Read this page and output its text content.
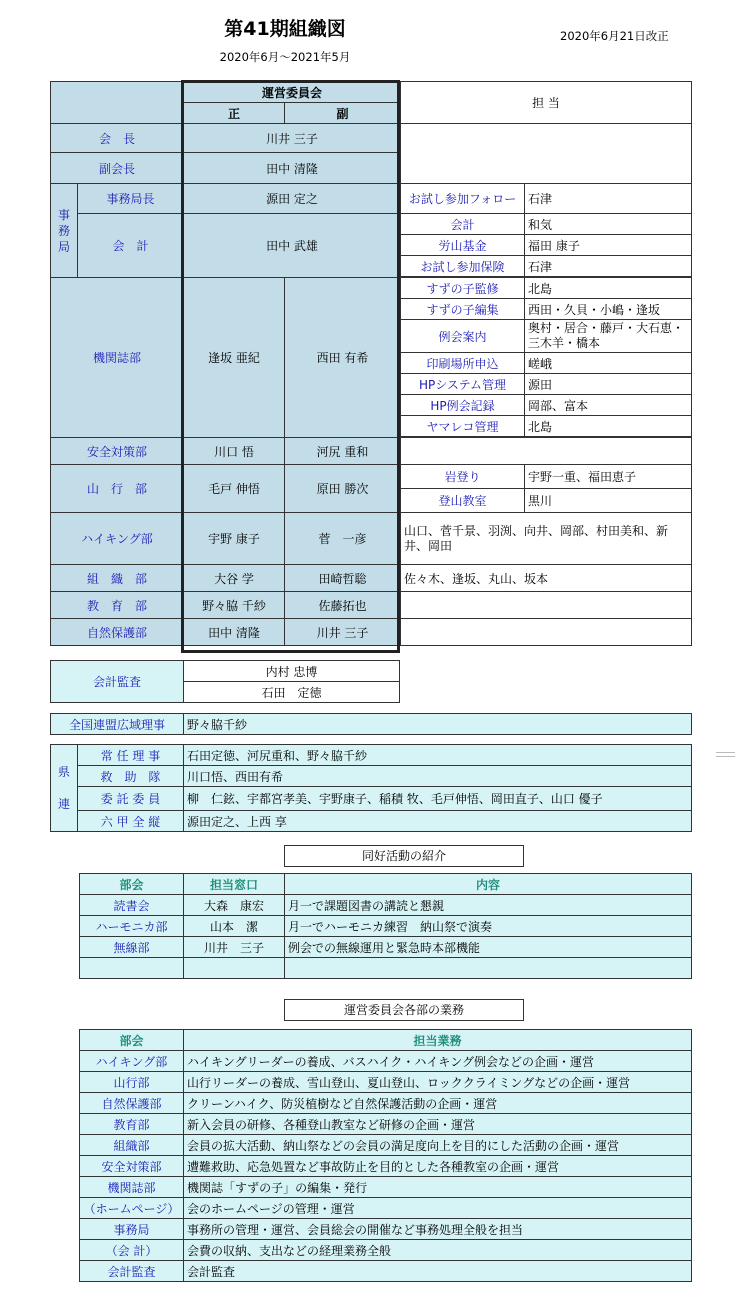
第41期組織図	2020年6月21日改正
2020年6月～2021年5月
		運営委員会		担 当	
		正	副		
会　長		川井 三子			
副会長		田中 清隆			
事務局	事務局長	源田 定之		お試し参加フォロー	石津
	会　計	田中 武雄		会計	和気
				労山基金	福田 康子
				お試し参加保険	石津

機関誌部		逢坂 亜紀	西田 有希	すずの子監修	北島
				すずの子編集	西田・久貝・小嶋・逢坂
				例会案内	奥村・居合・藤戸・大石恵・三木羊・橋本
				印刷場所申込	嵯峨
				HPシステム管理	源田
				HP例会記録	岡部、富本
				ヤマレコ管理	北島

安全対策部		川口 悟	河尻 重和		
山　行　部		毛戸 伸悟	原田 勝次	岩登り	宇野一重、福田恵子
				登山教室	黒川
ハイキング部		宇野 康子	菅　一彦	山口、菅千景、羽渕、向井、岡部、村田美和、新井、岡田	
組　織　部		大谷 学	田崎哲聡	佐々木、逢坂、丸山、坂本	
教　育　部		野々脇 千紗	佐藤拓也		
自然保護部		田中 清隆	川井 三子		
会計監査	内村 忠博
石田　定徳
全国連盟広域理事	野々脇千紗
県

連	常 任 理 事	石田定徳、河尻重和、野々脇千紗
	救　助　隊	川口悟、西田有希
	委 託 委 員	柳　仁鉉、宇都宮孝美、宇野康子、稲積 牧、毛戸伸悟、岡田直子、山口 優子
	六 甲 全 縦	源田定之、上西 享
同好活動の紹介
部会	担当窓口	内容
読書会	大森　康宏	月一で課題図書の講読と懇親
ハーモニカ部	山本　潔	月一でハーモニカ練習　納山祭で演奏
無線部	川井　三子	例会での無線運用と緊急時本部機能

運営委員会各部の業務
部会	担当業務
ハイキング部	ハイキングリーダーの養成、バスハイク・ハイキング例会などの企画・運営
山行部	山行リーダーの養成、雪山登山、夏山登山、ロッククライミングなどの企画・運営
自然保護部	クリーンハイク、防災植樹など自然保護活動の企画・運営
教育部	新入会員の研修、各種登山教室など研修の企画・運営
組織部	会員の拡大活動、納山祭などの会員の満足度向上を目的にした活動の企画・運営
安全対策部	遭難救助、応急処置など事故防止を目的とした各種教室の企画・運営
機関誌部	機関誌「すずの子」の編集・発行
（ホームページ）	会のホームページの管理・運営
事務局	事務所の管理・運営、会員総会の開催など事務処理全般を担当
（会 計）	会費の収納、支出などの経理業務全般
会計監査	会計監査
